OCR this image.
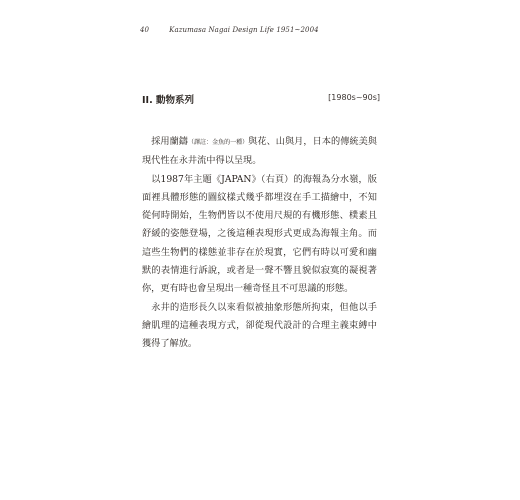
40	Kazumasa Nagai Design Life 1951~2004
II. 動物系列	[1980s~90s]

採用蘭鑄（譯註：金魚的一種）與花、山與月，日本的傳統美與現代性在永井流中得以呈現。

以1987年主題《JAPAN》（右頁）的海報為分水嶺，版面裡具體形態的圖紋樣式幾乎都埋沒在手工描繪中，不知從何時開始，生物們皆以不使用尺規的有機形態、樸素且舒緩的姿態登場，之後這種表現形式更成為海報主角。而這些生物們的樣態並非存在於現實，它們有時以可愛和幽默的表情進行訴說，或者是一聲不響且貌似寂寞的凝視著你，更有時也會呈現出一種奇怪且不可思議的形態。

永井的造形長久以來看似被抽象形態所拘束，但他以手繪肌理的這種表現方式，卻從現代設計的合理主義束縛中獲得了解放。
